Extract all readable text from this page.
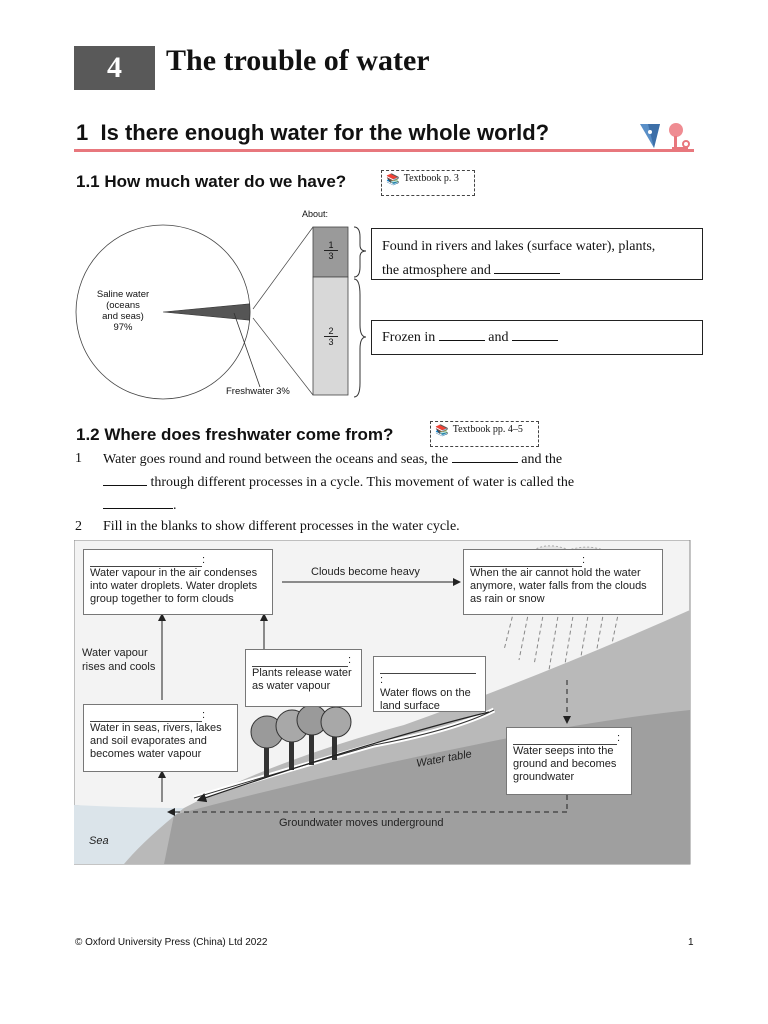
4	The trouble of water
1 Is there enough water for the whole world?
1.1 How much water do we have?	📚 Textbook p. 3
About:
Saline water
(oceans
and seas)
97%
Freshwater 3%
$\frac{1}{3}$
$\frac{2}{3}$
Found in rivers and lakes (surface water), plants,
the atmosphere and
Frozen in	and
1.2 Where does freshwater come from?	📚 Textbook pp. 4–5
1	Water goes round and round between the oceans and seas, the	and the
through different processes in a cycle. This movement of water is called the
.
2	Fill in the blanks to show different processes in the water cycle.
:
Water vapour in the air condenses into water droplets. Water droplets group together to form clouds
:
When the air cannot hold the water anymore, water falls from the clouds as rain or snow
:
Plants release water as water vapour	:
Water flows on the land surface
:
Water in seas, rivers, lakes and soil evaporates and becomes water vapour
:
Water seeps into the ground and becomes groundwater
Clouds become heavy
Water vapour rises and cools
Water table
Groundwater moves underground
Sea
© Oxford University Press (China) Ltd 2022	1
